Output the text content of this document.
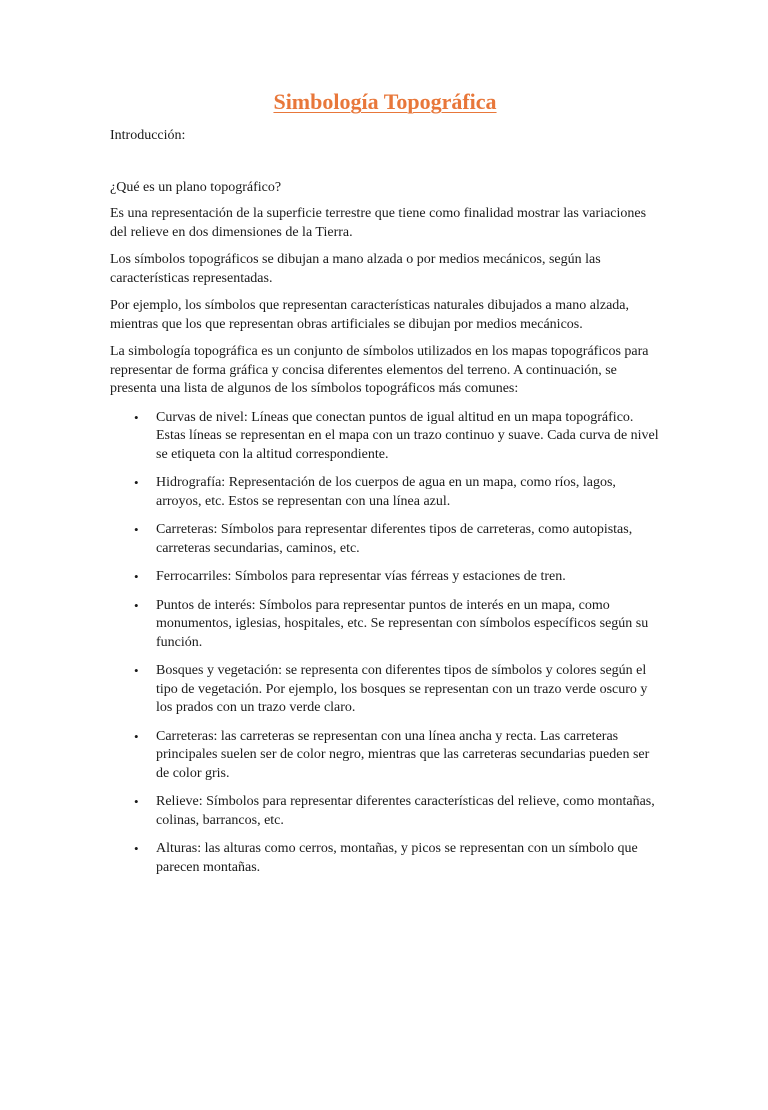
Simbología Topográfica

Introducción:

¿Qué es un plano topográfico?

Es una representación de la superficie terrestre que tiene como finalidad mostrar las variaciones del relieve en dos dimensiones de la Tierra.

Los símbolos topográficos se dibujan a mano alzada o por medios mecánicos, según las características representadas.

Por ejemplo, los símbolos que representan características naturales dibujados a mano alzada, mientras que los que representan obras artificiales se dibujan por medios mecánicos.

La simbología topográfica es un conjunto de símbolos utilizados en los mapas topográficos para representar de forma gráfica y concisa diferentes elementos del terreno. A continuación, se presenta una lista de algunos de los símbolos topográficos más comunes:

• Curvas de nivel: Líneas que conectan puntos de igual altitud en un mapa topográfico. Estas líneas se representan en el mapa con un trazo continuo y suave. Cada curva de nivel se etiqueta con la altitud correspondiente.
• Hidrografía: Representación de los cuerpos de agua en un mapa, como ríos, lagos, arroyos, etc. Estos se representan con una línea azul.
• Carreteras: Símbolos para representar diferentes tipos de carreteras, como autopistas, carreteras secundarias, caminos, etc.
• Ferrocarriles: Símbolos para representar vías férreas y estaciones de tren.
• Puntos de interés: Símbolos para representar puntos de interés en un mapa, como monumentos, iglesias, hospitales, etc. Se representan con símbolos específicos según su función.
• Bosques y vegetación: se representa con diferentes tipos de símbolos y colores según el tipo de vegetación. Por ejemplo, los bosques se representan con un trazo verde oscuro y los prados con un trazo verde claro.
• Carreteras: las carreteras se representan con una línea ancha y recta. Las carreteras principales suelen ser de color negro, mientras que las carreteras secundarias pueden ser de color gris.
• Relieve: Símbolos para representar diferentes características del relieve, como montañas, colinas, barrancos, etc.
• Alturas: las alturas como cerros, montañas, y picos se representan con un símbolo que parecen montañas.
